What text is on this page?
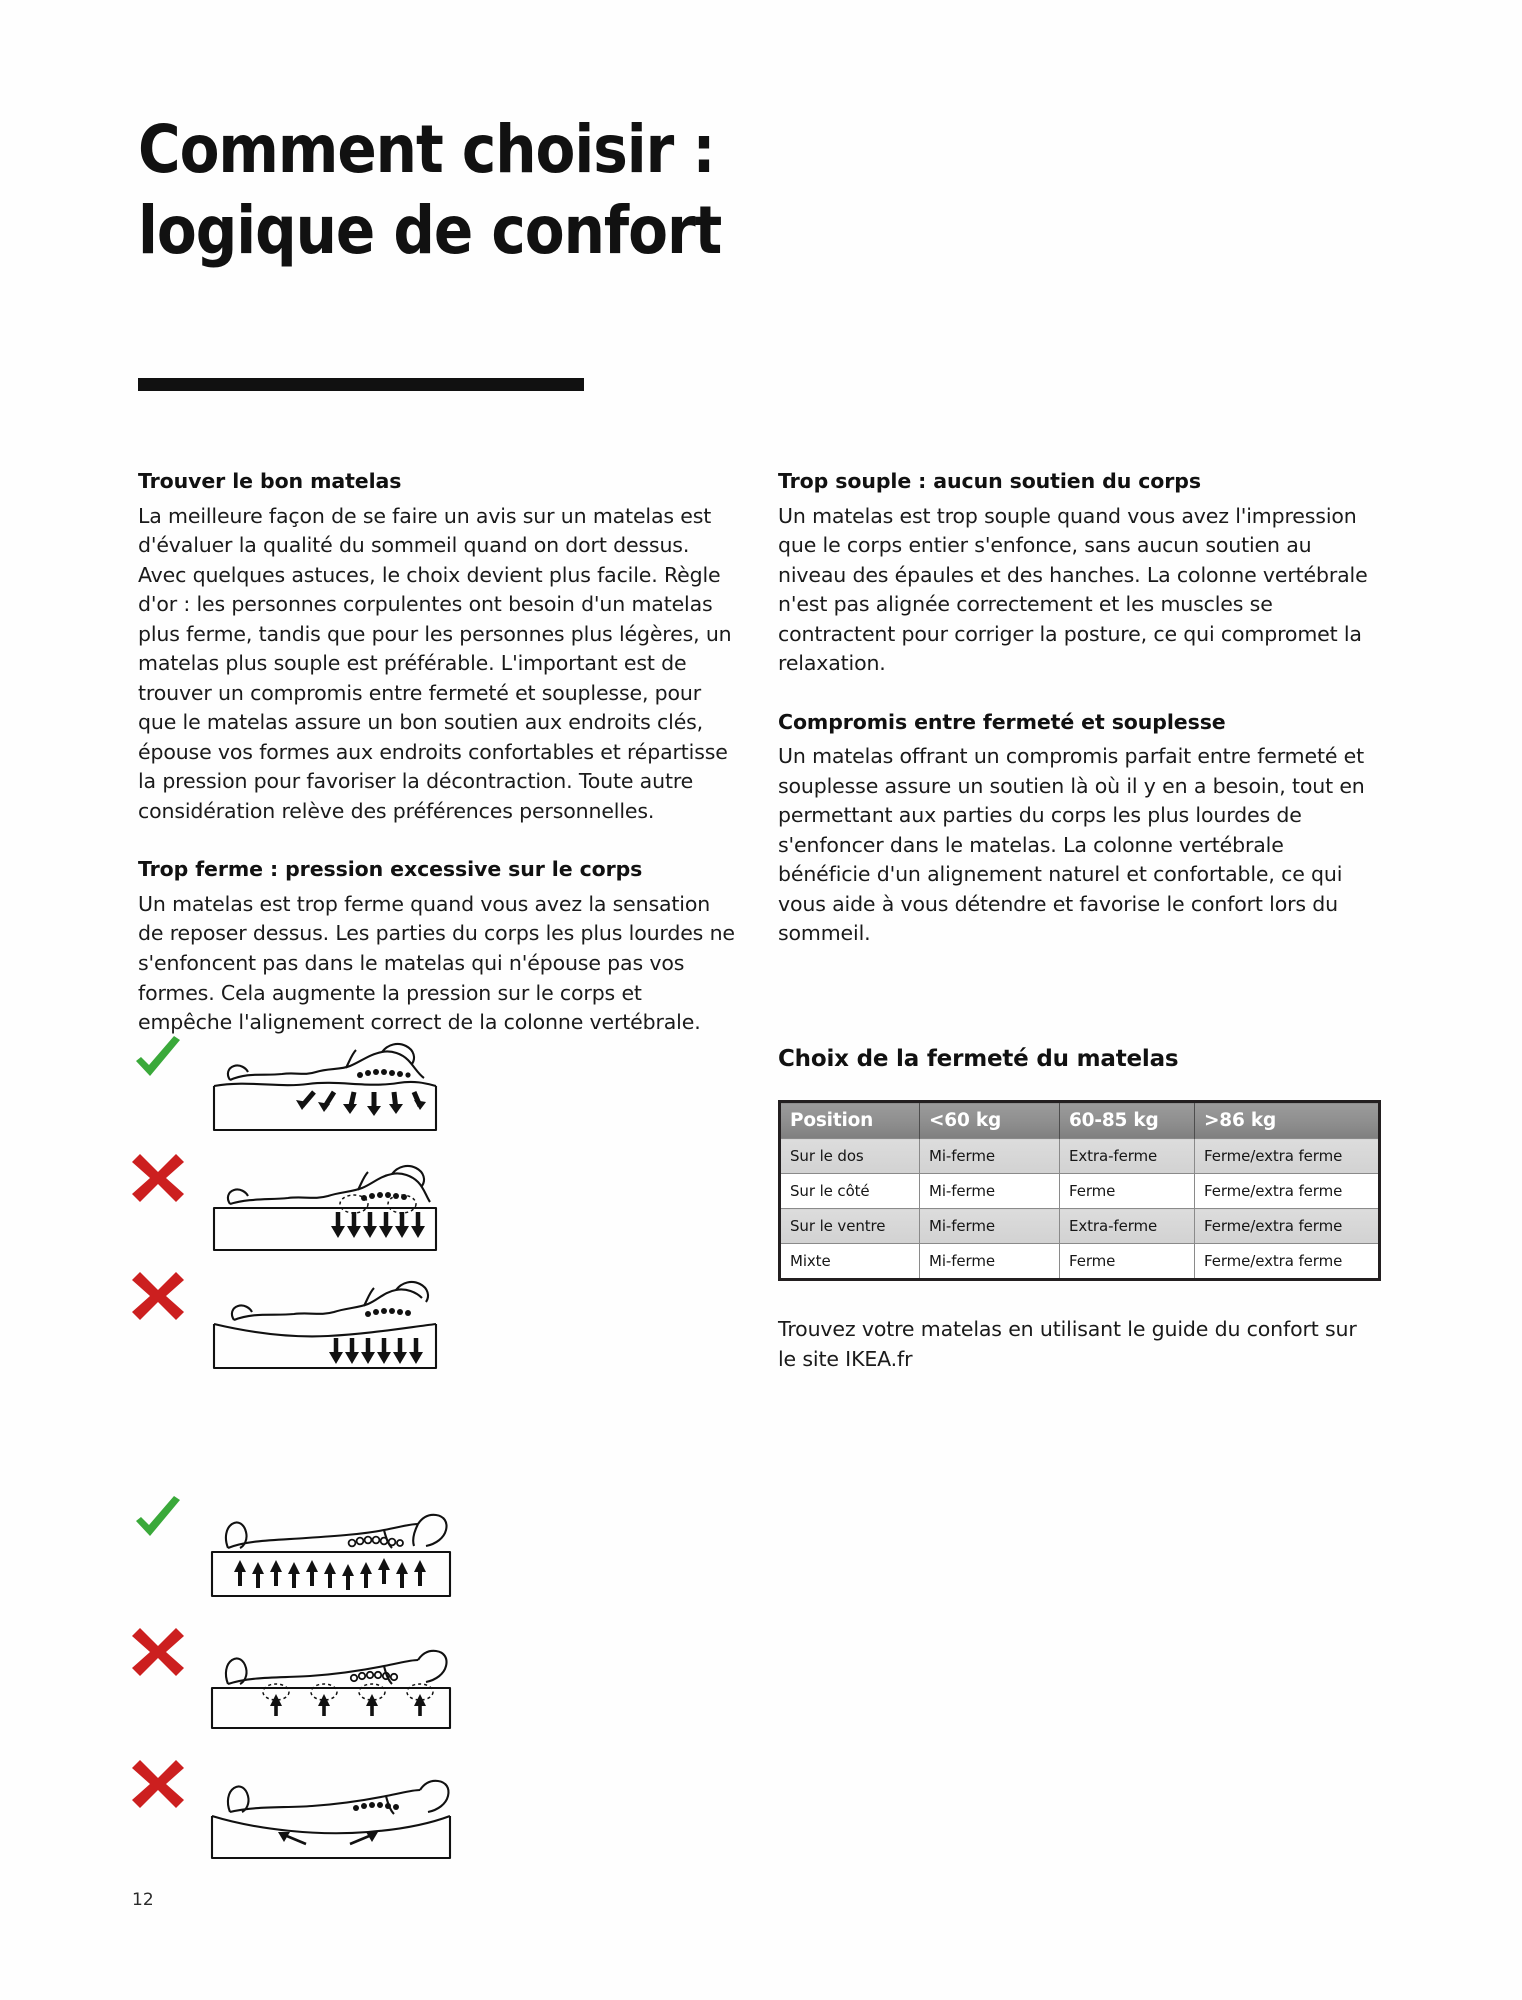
Comment choisir :
logique de confort
Trouver le bon matelas

La meilleure façon de se faire un avis sur un matelas est d'évaluer la qualité du sommeil quand on dort dessus. Avec quelques astuces, le choix devient plus facile. Règle d'or : les personnes corpulentes ont besoin d'un matelas plus ferme, tandis que pour les personnes plus légères, un matelas plus souple est préférable. L'important est de trouver un compromis entre fermeté et souplesse, pour que le matelas assure un bon soutien aux endroits clés, épouse vos formes aux endroits confortables et répartisse la pression pour favoriser la décontraction. Toute autre considération relève des préférences personnelles.

Trop ferme : pression excessive sur le corps

Un matelas est trop ferme quand vous avez la sensation de reposer dessus. Les parties du corps les plus lourdes ne s'enfoncent pas dans le matelas qui n'épouse pas vos formes. Cela augmente la pression sur le corps et empêche l'alignement correct de la colonne vertébrale.

Trop souple : aucun soutien du corps

Un matelas est trop souple quand vous avez l'impression que le corps entier s'enfonce, sans aucun soutien au niveau des épaules et des hanches. La colonne vertébrale n'est pas alignée correctement et les muscles se contractent pour corriger la posture, ce qui compromet la relaxation.

Compromis entre fermeté et souplesse

Un matelas offrant un compromis parfait entre fermeté et souplesse assure un soutien là où il y en a besoin, tout en permettant aux parties du corps les plus lourdes de s'enfoncer dans le matelas. La colonne vertébrale bénéficie d'un alignement naturel et confortable, ce qui vous aide à vous détendre et favorise le confort lors du sommeil.

Choix de la fermeté du matelas
Position	<60 kg	60-85 kg	>86 kg
Sur le dos	Mi-ferme	Extra-ferme	Ferme/extra ferme
Sur le côté	Mi-ferme	Ferme	Ferme/extra ferme
Sur le ventre	Mi-ferme	Extra-ferme	Ferme/extra ferme
Mixte	Mi-ferme	Ferme	Ferme/extra ferme

Trouvez votre matelas en utilisant le guide du confort sur le site IKEA.fr

12
